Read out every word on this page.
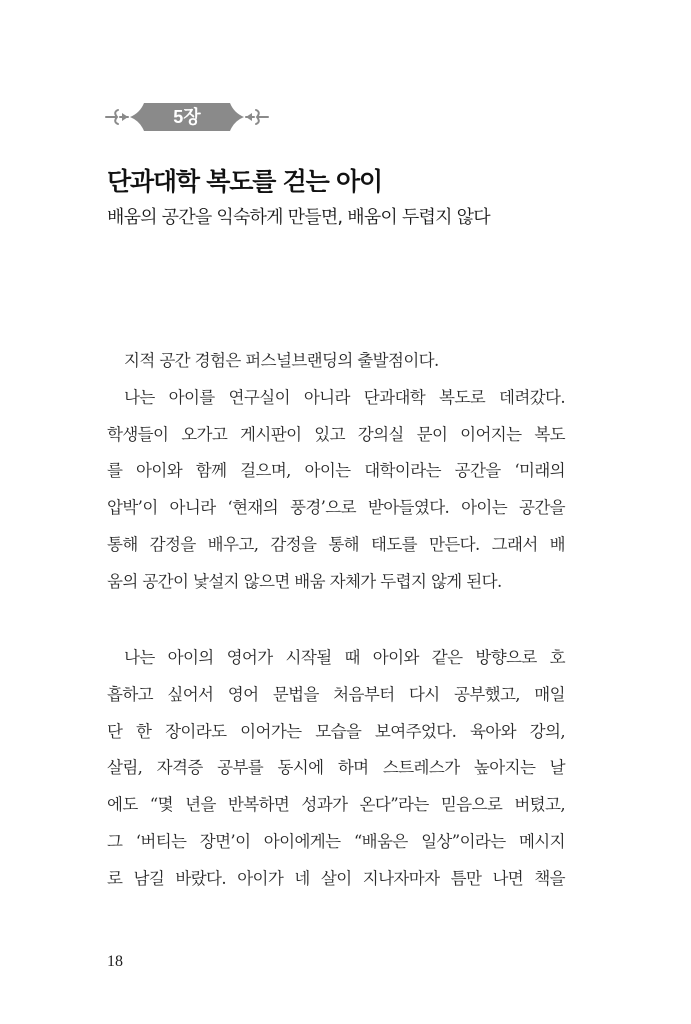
5장
단과대학 복도를 걷는 아이
배움의 공간을 익숙하게 만들면, 배움이 두렵지 않다
지적 공간 경험은 퍼스널브랜딩의 출발점이다.
나는 아이를 연구실이 아니라 단과대학 복도로 데려갔다.
학생들이 오가고 게시판이 있고 강의실 문이 이어지는 복도
를 아이와 함께 걸으며, 아이는 대학이라는 공간을 ‘미래의
압박’이 아니라 ‘현재의 풍경’으로 받아들였다. 아이는 공간을
통해 감정을 배우고, 감정을 통해 태도를 만든다. 그래서 배
움의 공간이 낯설지 않으면 배움 자체가 두렵지 않게 된다.
나는 아이의 영어가 시작될 때 아이와 같은 방향으로 호
흡하고 싶어서 영어 문법을 처음부터 다시 공부했고, 매일
단 한 장이라도 이어가는 모습을 보여주었다. 육아와 강의,
살림, 자격증 공부를 동시에 하며 스트레스가 높아지는 날
에도 “몇 년을 반복하면 성과가 온다”라는 믿음으로 버텼고,
그 ‘버티는 장면’이 아이에게는 “배움은 일상”이라는 메시지
로 남길 바랐다. 아이가 네 살이 지나자마자 틈만 나면 책을
18
